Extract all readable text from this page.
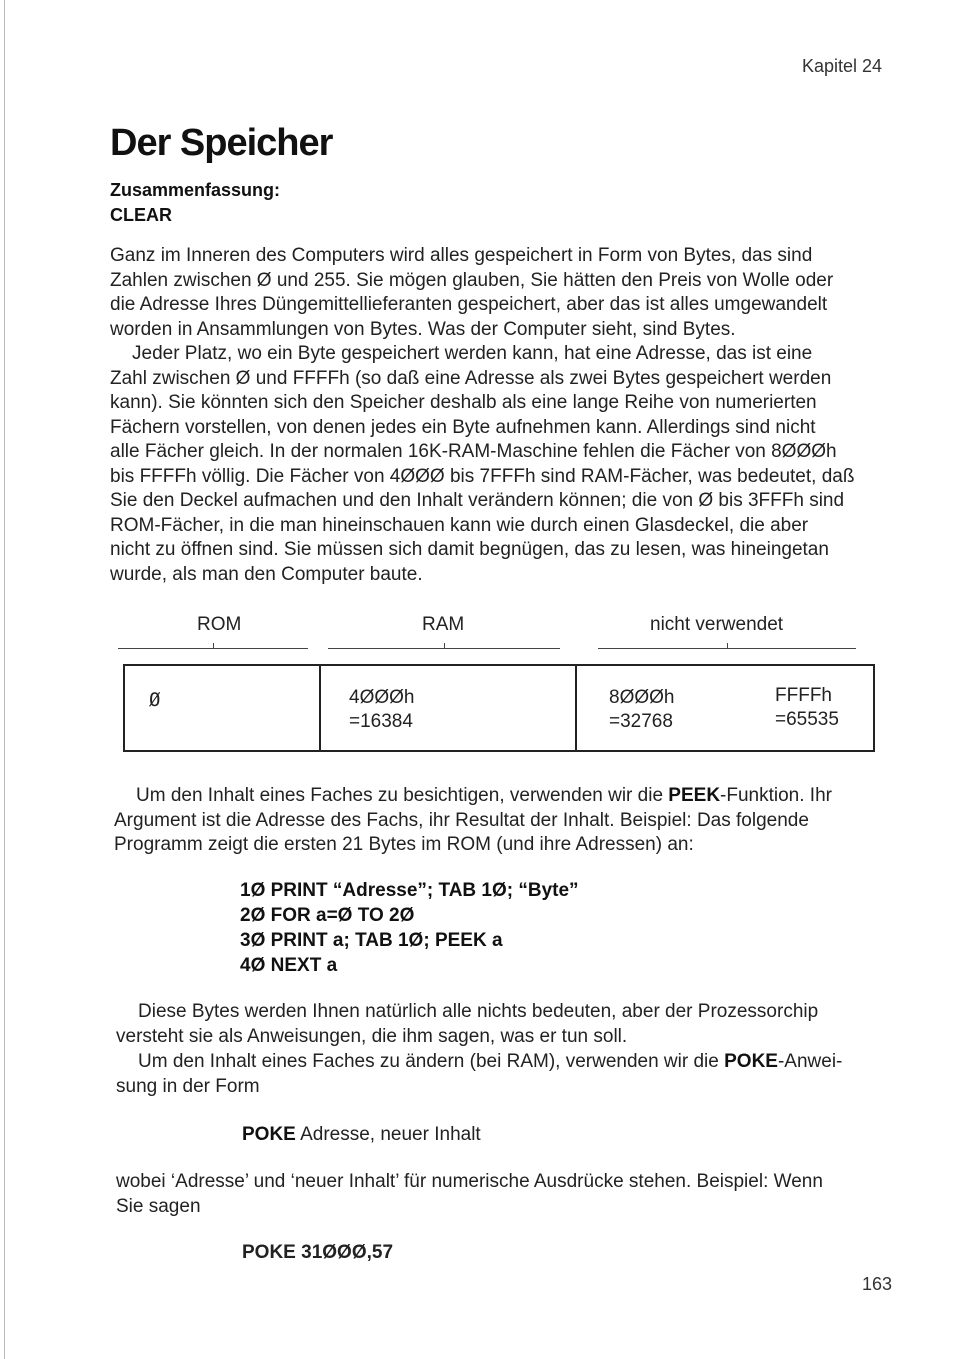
Kapitel 24
Der Speicher
Zusammenfassung:
CLEAR
Ganz im Inneren des Computers wird alles gespeichert in Form von Bytes, das sind
Zahlen zwischen Ø und 255. Sie mögen glauben, Sie hätten den Preis von Wolle oder
die Adresse Ihres Düngemittellieferanten gespeichert, aber das ist alles umgewandelt
worden in Ansammlungen von Bytes. Was der Computer sieht, sind Bytes.
Jeder Platz, wo ein Byte gespeichert werden kann, hat eine Adresse, das ist eine
Zahl zwischen Ø und FFFFh (so daß eine Adresse als zwei Bytes gespeichert werden
kann). Sie könnten sich den Speicher deshalb als eine lange Reihe von numerierten
Fächern vorstellen, von denen jedes ein Byte aufnehmen kann. Allerdings sind nicht
alle Fächer gleich. In der normalen 16K-RAM-Maschine fehlen die Fächer von 8ØØØh
bis FFFFh völlig. Die Fächer von 4ØØØ bis 7FFFh sind RAM-Fächer, was bedeutet, daß
Sie den Deckel aufmachen und den Inhalt verändern können; die von Ø bis 3FFFh sind
ROM-Fächer, in die man hineinschauen kann wie durch einen Glasdeckel, die aber
nicht zu öffnen sind. Sie müssen sich damit begnügen, das zu lesen, was hineingetan
wurde, als man den Computer baute.
ROM	RAM	nicht verwendet
Ø	4ØØØh
=16384
8ØØØh
=32768
FFFFh
=65535
Um den Inhalt eines Faches zu besichtigen, verwenden wir die PEEK-Funktion. Ihr
Argument ist die Adresse des Fachs, ihr Resultat der Inhalt. Beispiel: Das folgende
Programm zeigt die ersten 21 Bytes im ROM (und ihre Adressen) an:
1Ø PRINT “Adresse”; TAB 1Ø; “Byte”
2Ø FOR a=Ø TO 2Ø
3Ø PRINT a; TAB 1Ø; PEEK a
4Ø NEXT a
Diese Bytes werden Ihnen natürlich alle nichts bedeuten, aber der Prozessorchip
versteht sie als Anweisungen, die ihm sagen, was er tun soll.
Um den Inhalt eines Faches zu ändern (bei RAM), verwenden wir die POKE-Anwei-
sung in der Form
POKE Adresse, neuer Inhalt
wobei ‘Adresse’ und ‘neuer Inhalt’ für numerische Ausdrücke stehen. Beispiel: Wenn
Sie sagen
POKE 31ØØØ,57
163
